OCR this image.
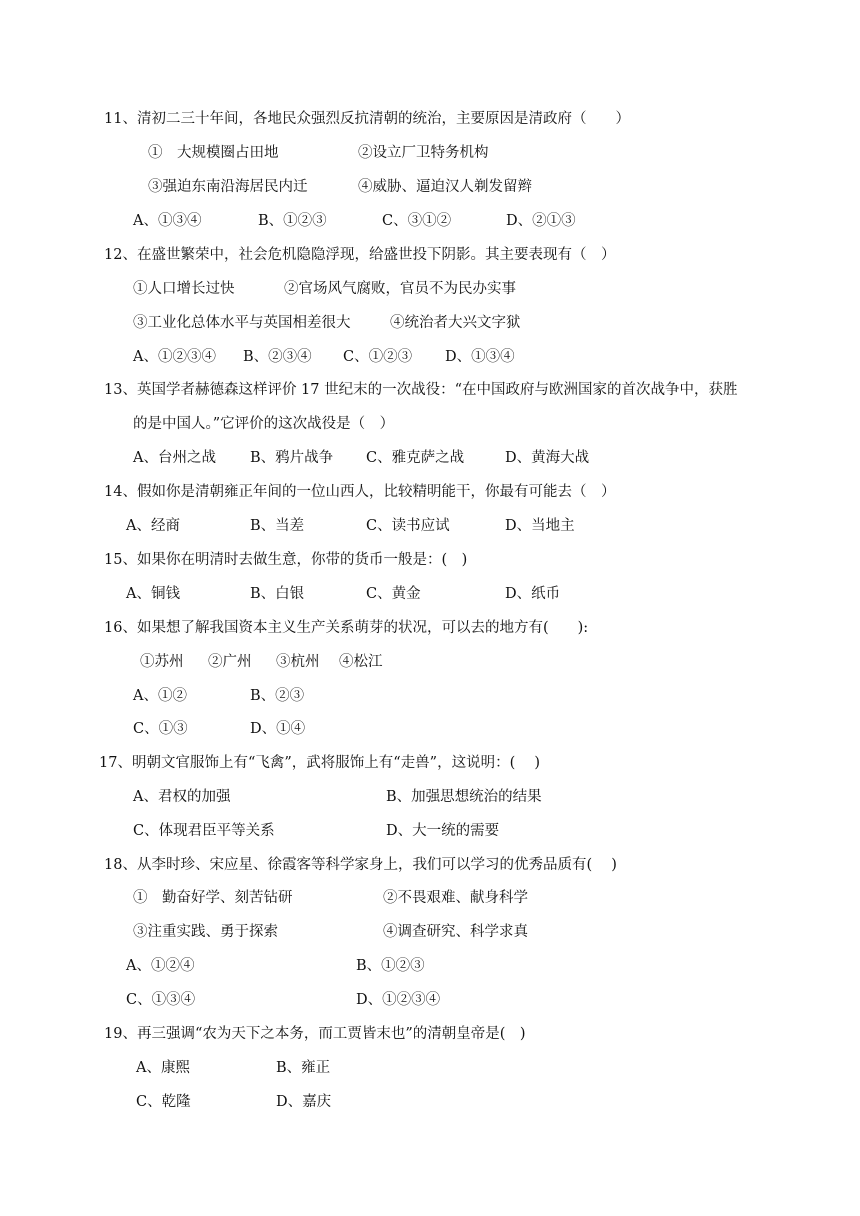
11、清初二三十年间，各地民众强烈反抗清朝的统治，主要原因是清政府（　　）
①　大规模圈占田地	②设立厂卫特务机构
③强迫东南沿海居民内迁	④威胁、逼迫汉人剃发留辫
A、①③④	B、①②③	C、③①②	D、②①③
12、在盛世繁荣中，社会危机隐隐浮现，给盛世投下阴影。其主要表现有（　）
①人口增长过快	②官场风气腐败，官员不为民办实事
③工业化总体水平与英国相差很大	④统治者大兴文字狱
A、①②③④ B、②③④ C、①②③ D、①③④
13、英国学者赫德森这样评价 17 世纪末的一次战役：“在中国政府与欧洲国家的首次战争中，获胜
的是中国人。”它评价的这次战役是（　）
A、台州之战 B、鸦片战争 C、雅克萨之战	D、黄海大战
14、假如你是清朝雍正年间的一位山西人，比较精明能干，你最有可能去（　）
A、经商	B、当差	C、读书应试	D、当地主
15、如果你在明清时去做生意，你带的货币一般是：(　)
A、铜钱	B、白银	C、黄金	D、纸币
16、如果想了解我国资本主义生产关系萌芽的状况，可以去的地方有(　　):
①苏州 ②广州 ③杭州 ④松江
A、①②	B、②③
C、①③	D、①④
17、明朝文官服饰上有“飞禽”，武将服饰上有“走兽”，这说明：(　 )
A、君权的加强	B、加强思想统治的结果
C、体现君臣平等关系	D、大一统的需要
18、从李时珍、宋应星、徐霞客等科学家身上，我们可以学习的优秀品质有(　 )
①　勤奋好学、刻苦钻研	②不畏艰难、献身科学
③注重实践、勇于探索	④调查研究、科学求真
A、①②④	B、①②③
C、①③④	D、①②③④
19、再三强调“农为天下之本务，而工贾皆末也”的清朝皇帝是(　)
A、康熙	B、雍正
C、乾隆	D、嘉庆
